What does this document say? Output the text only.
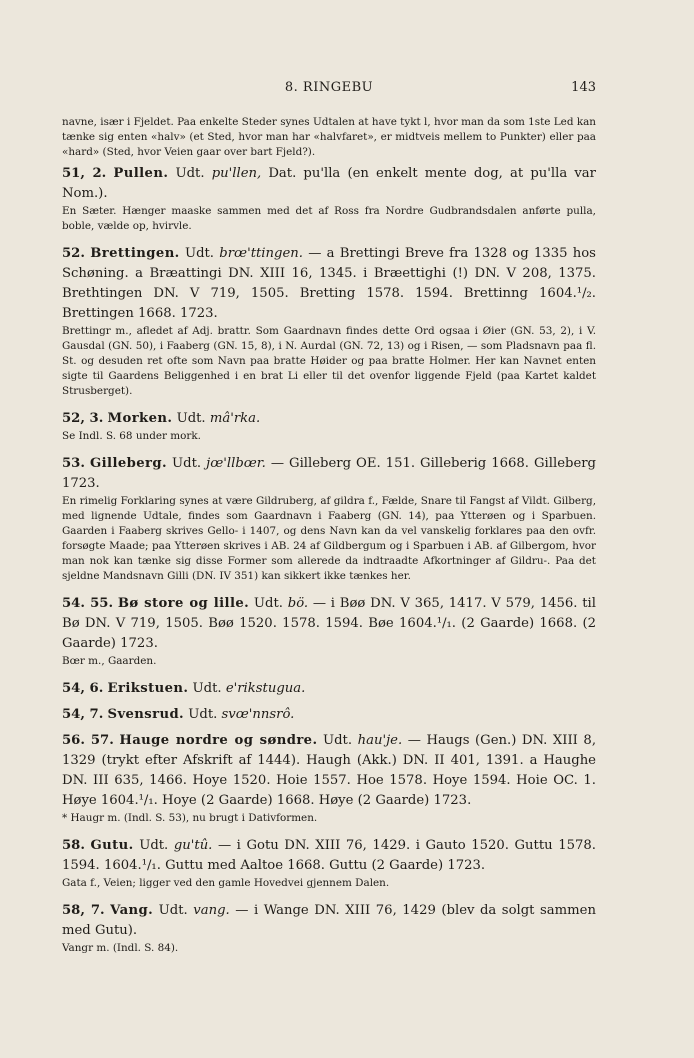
8. RINGEBU	143

navne, især i Fjeldet. Paa enkelte Steder synes Udtalen at have tykt l, hvor man da som 1ste Led kan tænke sig enten «halv» (et Sted, hvor man har «halvfaret», er midtveis mellem to Punkter) eller paa «hard» (Sted, hvor Veien gaar over bart Fjeld?).

51, 2. Pullen. Udt. pu'llen, Dat. pu'lla (en enkelt mente dog, at pu'lla var Nom.).

En Sæter. Hænger maaske sammen med det af Ross fra Nordre Gudbrandsdalen anførte pulla, boble, vælde op, hvirvle.

52. Brettingen. Udt. brœ'ttingen. — a Brettingi Breve fra 1328 og 1335 hos Schøning. a Bræattingi DN. XIII 16, 1345. i Bræettighi (!) DN. V 208, 1375. Brethtingen DN. V 719, 1505. Bretting 1578. 1594. Brettinng 1604.¹/₂. Brettingen 1668. 1723.

Brettingr m., afledet af Adj. brattr. Som Gaardnavn findes dette Ord ogsaa i Øier (GN. 53, 2), i V. Gausdal (GN. 50), i Faaberg (GN. 15, 8), i N. Aurdal (GN. 72, 13) og i Risen, — som Pladsnavn paa fl. St. og desuden ret ofte som Navn paa bratte Høider og paa bratte Holmer. Her kan Navnet enten sigte til Gaardens Beliggenhed i en brat Li eller til det ovenfor liggende Fjeld (paa Kartet kaldet Strusberget).

52, 3. Morken. Udt. mâ'rka.

Se Indl. S. 68 under mork.

53. Gilleberg. Udt. jœ'llbœr. — Gilleberg OE. 151. Gilleberig 1668. Gilleberg 1723.

En rimelig Forklaring synes at være Gildruberg, af gildra f., Fælde, Snare til Fangst af Vildt. Gilberg, med lignende Udtale, findes som Gaardnavn i Faaberg (GN. 14), paa Ytterøen og i Sparbuen. Gaarden i Faaberg skrives Gello- i 1407, og dens Navn kan da vel vanskelig forklares paa den ovfr. forsøgte Maade; paa Ytterøen skrives i AB. 24 af Gildbergum og i Sparbuen i AB. af Gilbergom, hvor man nok kan tænke sig disse Former som allerede da indtraadte Afkortninger af Gildru-. Paa det sjeldne Mandsnavn Gilli (DN. IV 351) kan sikkert ikke tænkes her.

54. 55. Bø store og lille. Udt. bö. — i Bøø DN. V 365, 1417. V 579, 1456. til Bø DN. V 719, 1505. Bøø 1520. 1578. 1594. Bøe 1604.¹/₁. (2 Gaarde) 1668. (2 Gaarde) 1723.

Bœr m., Gaarden.

54, 6. Erikstuen. Udt. e'rikstugua.

54, 7. Svensrud. Udt. svœ'nnsrô.

56. 57. Hauge nordre og søndre. Udt. hau'je. — Haugs (Gen.) DN. XIII 8, 1329 (trykt efter Afskrift af 1444). Haugh (Akk.) DN. II 401, 1391. a Haughe DN. III 635, 1466. Hoye 1520. Hoie 1557. Hoe 1578. Hoye 1594. Hoie OC. 1. Høye 1604.¹/₁. Hoye (2 Gaarde) 1668. Høye (2 Gaarde) 1723.

* Haugr m. (Indl. S. 53), nu brugt i Dativformen.

58. Gutu. Udt. gu'tû. — i Gotu DN. XIII 76, 1429. i Gauto 1520. Guttu 1578. 1594. 1604.¹/₁. Guttu med Aaltoe 1668. Guttu (2 Gaarde) 1723.

Gata f., Veien; ligger ved den gamle Hovedvei gjennem Dalen.

58, 7. Vang. Udt. vang. — i Wange DN. XIII 76, 1429 (blev da solgt sammen med Gutu).

Vangr m. (Indl. S. 84).
